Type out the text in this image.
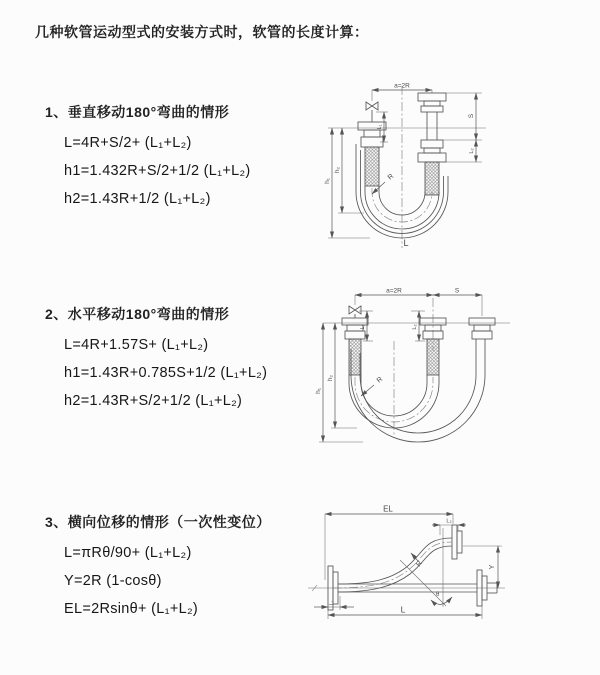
几种软管运动型式的安装方式时，软管的长度计算：
1、垂直移动180°弯曲的情形
L=4R+S/2+ (L₁+L₂)
h1=1.432R+S/2+1/2 (L₁+L₂)
h2=1.43R+1/2 (L₁+L₂)
2、水平移动180°弯曲的情形
L=4R+1.57S+ (L₁+L₂)
h1=1.43R+0.785S+1/2 (L₁+L₂)
h2=1.43R+S/2+1/2 (L₁+L₂)
3、横向位移的情形（一次性变位）
L=πRθ/90+ (L₁+L₂)
Y=2R (1-cosθ)
EL=2Rsinθ+ (L₁+L₂)
a=2R
h₁
h₂
R
L
S
L₂
L₁
a=2R	S
h₁
h₂	R
L₁	L₂
EL
L₂
Y
R
θ
L
L₁
